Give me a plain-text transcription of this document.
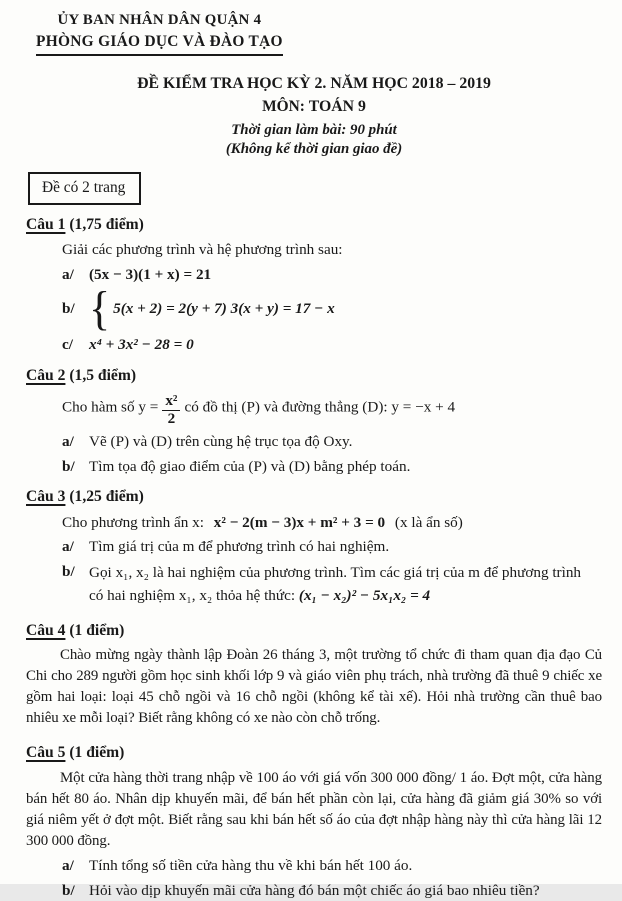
ỦY BAN NHÂN DÂN QUẬN 4
PHÒNG GIÁO DỤC VÀ ĐÀO TẠO
ĐỀ KIỂM TRA HỌC KỲ 2. NĂM HỌC 2018 – 2019
MÔN: TOÁN 9
Thời gian làm bài: 90 phút
(Không kể thời gian giao đề)
Đề có 2 trang
Câu 1 (1,75 điểm)
Giải các phương trình và hệ phương trình sau:
a/ (5x − 3)(1 + x) = 21
b/ { 5(x + 2) = 2(y + 7) 3(x + y) = 17 − x
c/	x⁴ + 3x² − 28 = 0
Câu 2 (1,5 điểm)
Cho hàm số $y = \frac{\text{x²}}{2}$ có đồ thị (P) và đường thẳng (D): y = −x + 4
a/ Vẽ (P) và (D) trên cùng hệ trục tọa độ Oxy.
b/ Tìm tọa độ giao điểm của (P) và (D) bằng phép toán.
Câu 3 (1,25 điểm)
Cho phương trình ẩn x: x² − 2(m − 3)x + m² + 3 = 0 (x là ẩn số)
a/ Tìm giá trị của m để phương trình có hai nghiệm.
b/ Gọi x₁, x₂ là hai nghiệm của phương trình. Tìm các giá trị của m để phương trình
có hai nghiệm x₁, x₂ thỏa hệ thức: (x₁ − x₂)² − 5x₁x₂ = 4
Câu 4 (1 điểm)
Chào mừng ngày thành lập Đoàn 26 tháng 3, một trường tổ chức đi tham quan địa đạo Củ Chi cho 289 người gồm học sinh khối lớp 9 và giáo viên phụ trách, nhà trường đã thuê 9 chiếc xe gồm hai loại: loại 45 chỗ ngồi và 16 chỗ ngồi (không kể tài xế). Hỏi nhà trường cần thuê bao nhiêu xe mỗi loại? Biết rằng không có xe nào còn chỗ trống.
Câu 5 (1 điểm)
Một cửa hàng thời trang nhập về 100 áo với giá vốn 300 000 đồng/ 1 áo. Đợt một, cửa hàng bán hết 80 áo. Nhân dịp khuyến mãi, để bán hết phần còn lại, cửa hàng đã giảm giá 30% so với giá niêm yết ở đợt một. Biết rằng sau khi bán hết số áo của đợt nhập hàng này thì cửa hàng lãi 12 300 000 đồng.
a/ Tính tổng số tiền cửa hàng thu về khi bán hết 100 áo.
b/ Hỏi vào dịp khuyến mãi cửa hàng đó bán một chiếc áo giá bao nhiêu tiền?
